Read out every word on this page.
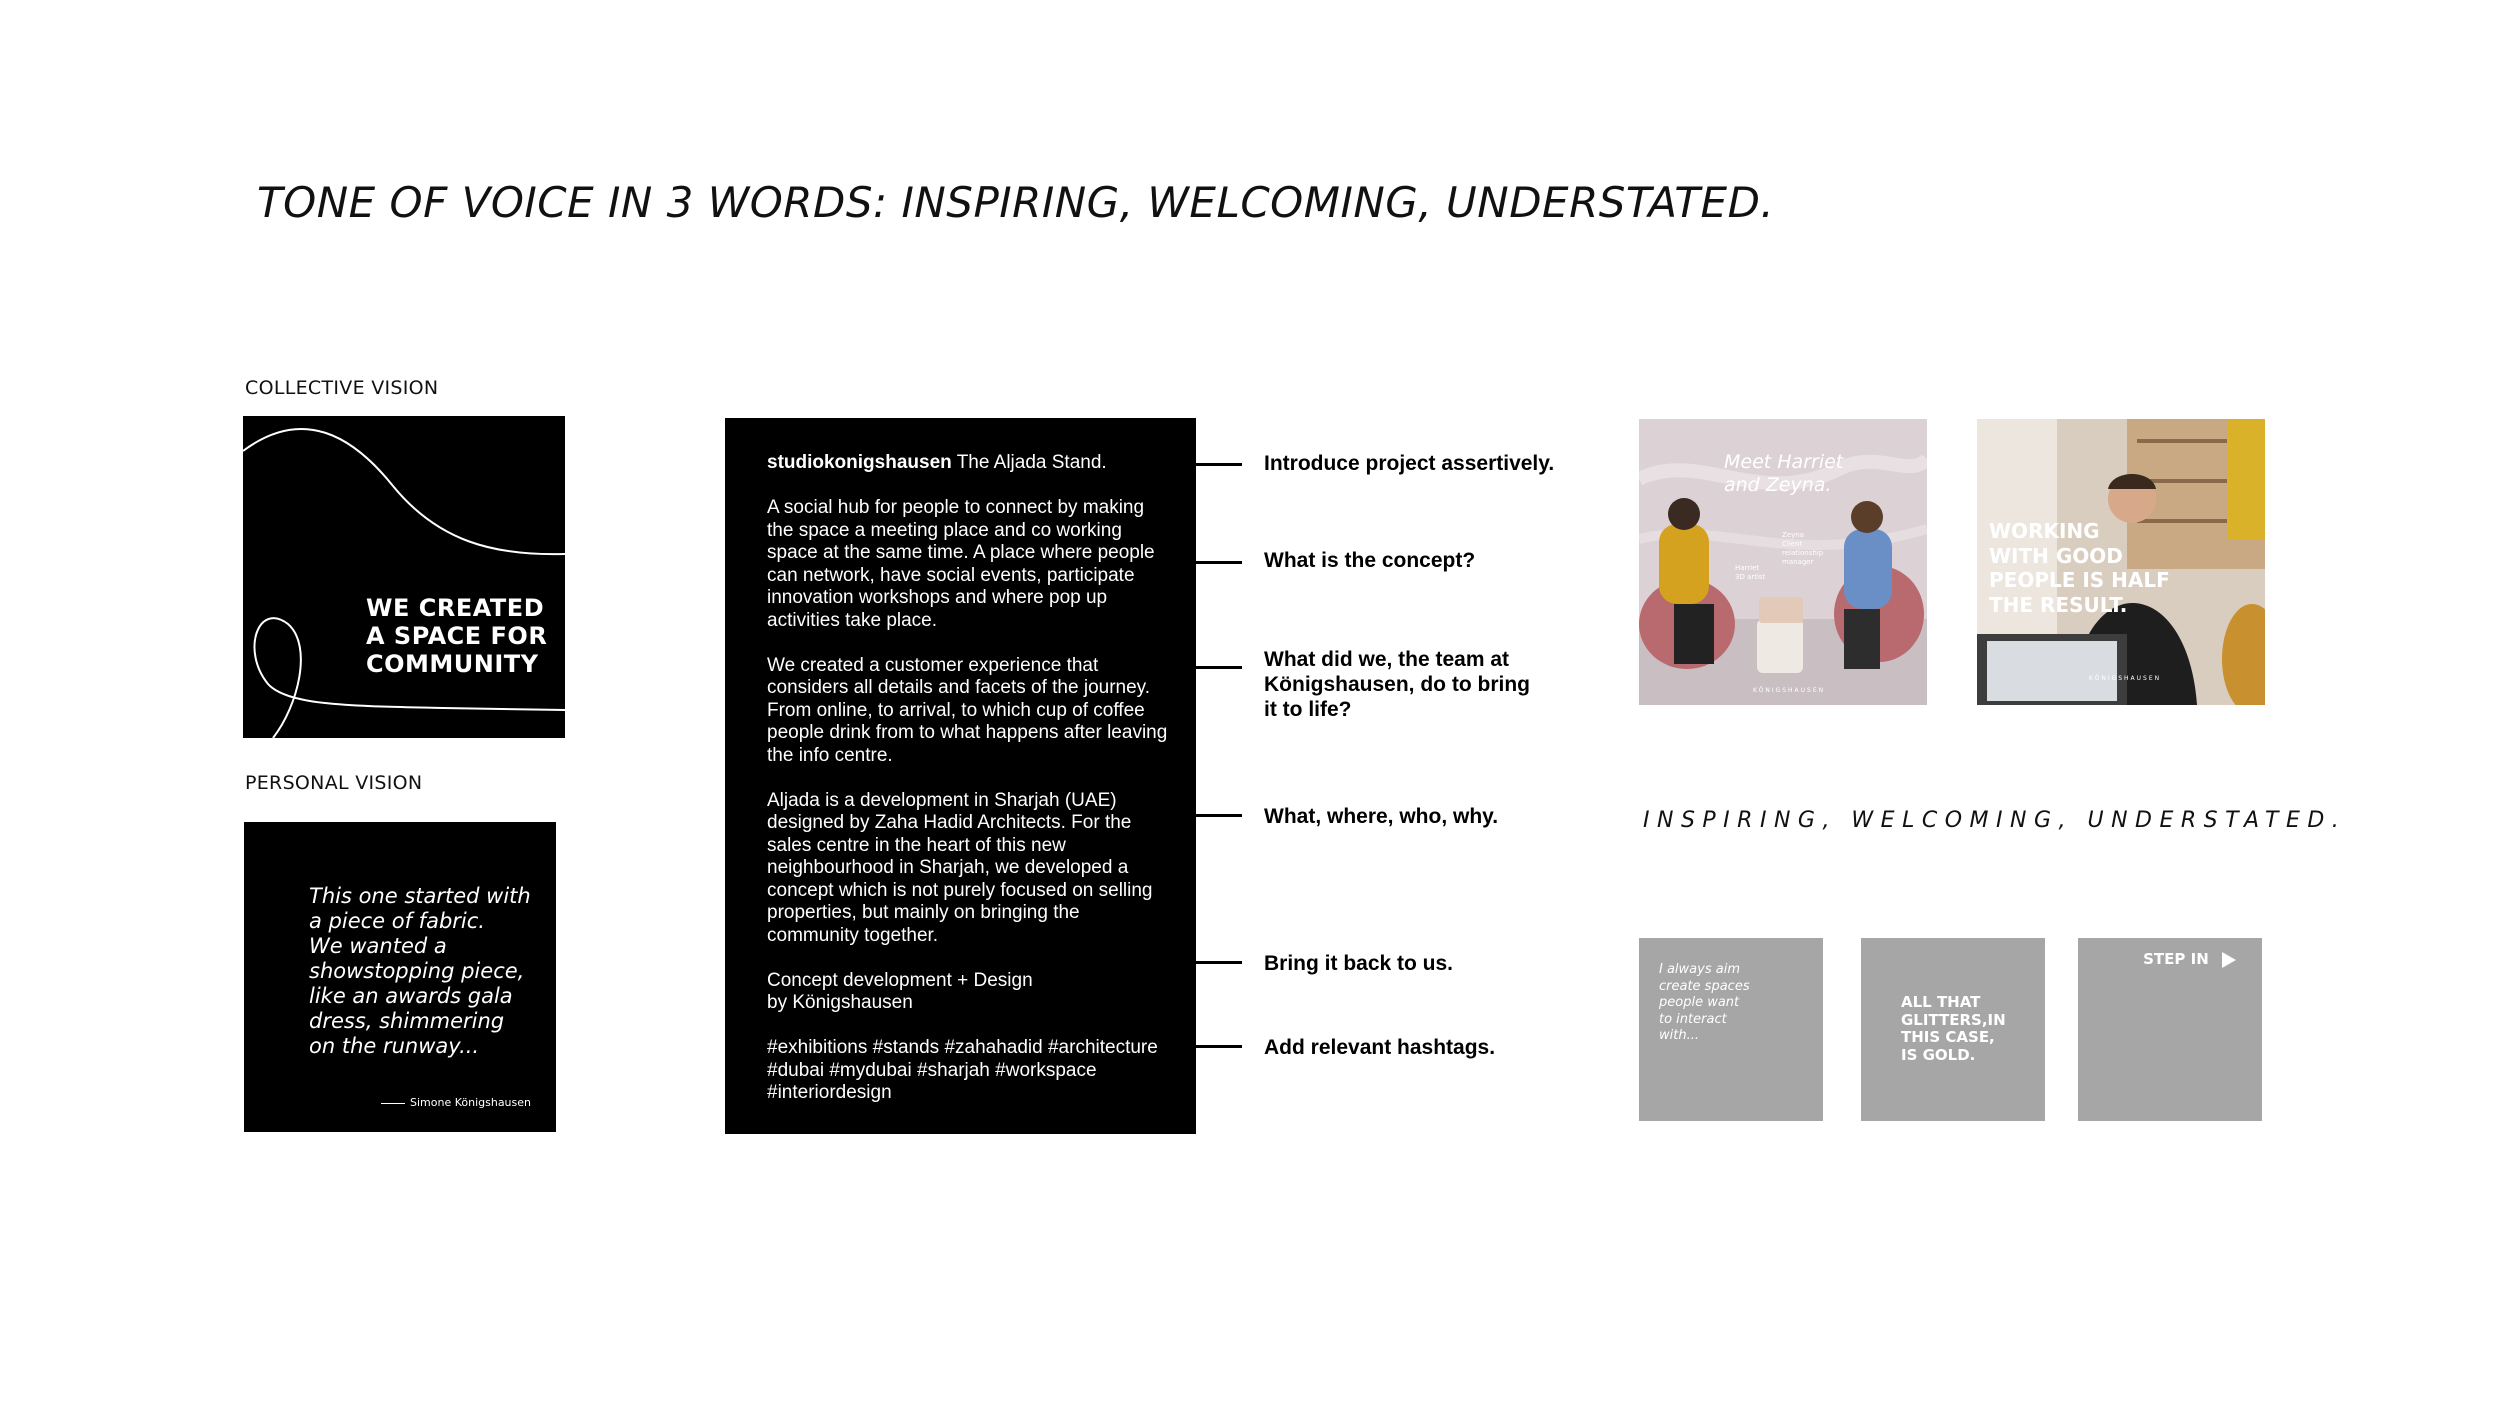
TONE OF VOICE IN 3 WORDS: INSPIRING, WELCOMING, UNDERSTATED.
COLLECTIVE VISION
WE CREATED
A SPACE FOR
COMMUNITY
PERSONAL VISION
This one started with
a piece of fabric.
We wanted a
showstopping piece,
like an awards gala
dress, shimmering
on the runway...
Simone Königshausen

studiokonigshausen The Aljada Stand.

A social hub for people to connect by making
the space a meeting place and co working
space at the same time. A place where people
can network, have social events, participate
innovation workshops and where pop up
activities take place.

We created a customer experience that
considers all details and facets of the journey.
From online, to arrival, to which cup of coffee
people drink from to what happens after leaving
the info centre.

Aljada is a development in Sharjah (UAE)
designed by Zaha Hadid Architects. For the
sales centre in the heart of this new
neighbourhood in Sharjah, we developed a
concept which is not purely focused on selling
properties, but mainly on bringing the
community together.

Concept development + Design
by Königshausen

#exhibitions #stands #zahahadid #architecture
#dubai #mydubai #sharjah #workspace
#interiordesign

Introduce project assertively.
What is the concept?
What did we, the team at
Königshausen, do to bring
it to life?
What, where, who, why.
Bring it back to us.
Add relevant hashtags.
Meet Harriet
and Zeyna.
Zeyna
Client
relationship
manager
Harriet
3D artist
KÖNIGSHAUSEN
WORKING
WITH GOOD
PEOPLE IS HALF
THE RESULT.
KÖNIGSHAUSEN
INSPIRING, WELCOMING, UNDERSTATED.
I always aim
create spaces
people want
to interact
with...
ALL THAT
GLITTERS,IN
THIS CASE,
IS GOLD.
STEP IN
